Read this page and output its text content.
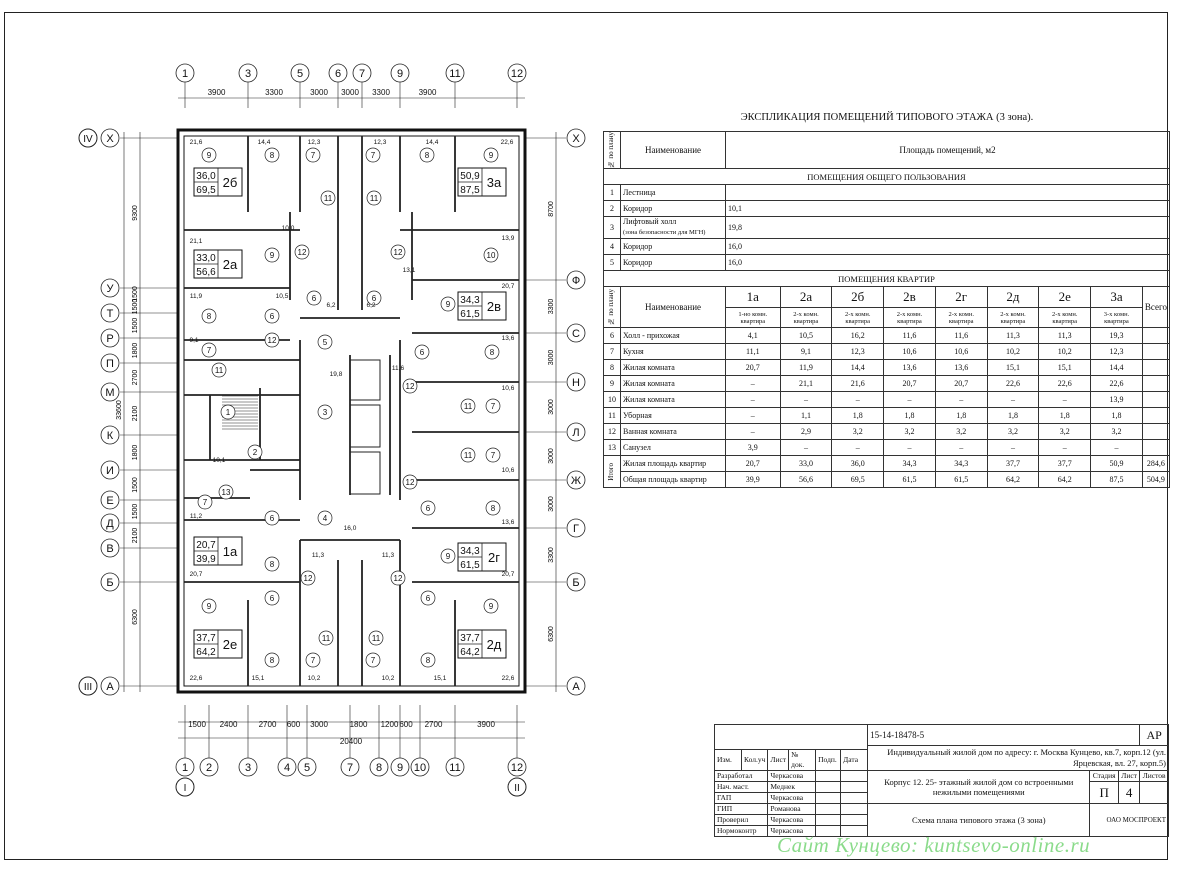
1	3	5	6 7	9	11	12
3900	3300	3000 3000 3300	3900
1 2	3	4 5	7 8 9 10 11	12
1500 2400	2700 600 3000	1800 1200 600 2700	3900
20400
Х
У
Т
Р
П
М
К
И
Е
Д
В
Б
А
9300
1500
1500
1500
1800
2700
2100
1800
1500
1500
2100
6300
33600
IV
III
I	II
Х
Ф
С
Н
Л
Ж
Г
Б
А
8700
3300
3000
3000
3000
3000
3300
6300
36,0
69,5
2б	50,9
87,5
3а
33,0
56,6
2а
34,3
61,5
2в
20,7
39,9
1а	34,3
61,5
2г
37,7
64,2
2е	37,7
64,2
2д
9	8	7	7	8	9
11	11
9	10
12	12
6	6
8	6
9
7
12	5
6	8
11
1	3
12
11 7
2	11 7
13
7
12
6	8
4
6
8
9
12	12
9
6	6
9
11	11
8	7	7	8
21,6	14,4	12,3	12,3	14,4	22,6
21,1	13,9
11,9
20,7
9,1
10,5
19,8
11,6
10,6
10,1
11,2
13,6
10,6
16,0
11,3	11,3
20,7	20,7
22,6	15,1	10,2	10,2	15,1	22,6
6,2	6,2
10,0
13,1
13,6
ЭКСПЛИКАЦИЯ ПОМЕЩЕНИЙ ТИПОВОГО ЭТАЖА (3 зона).
№ по плану	Наименование	Площадь помещений, м2								
ПОМЕЩЕНИЯ ОБЩЕГО ПОЛЬЗОВАНИЯ										
1	Лестница									
2	Коридор	10,1								
3	Лифтовый холл
(зона безопасности для МГН)	19,8								
4	Коридор	16,0								
5	Коридор	16,0								
ПОМЕЩЕНИЯ КВАРТИР										

№ по плану	Наименование	1а	2а	2б	2в	2г	2д	2е	3а	Всего
		1-но комн. квартира	2-х комн. квартира	2-х комн. квартира	2-х комн. квартира	2-х комн. квартира	2-х комн. квартира	2-х комн. квартира	3-х комн. квартира	
6	Холл - прихожая	4,1	10,5	16,2	11,6	11,6	11,3	11,3	19,3	
7	Кухня	11,1	9,1	12,3	10,6	10,6	10,2	10,2	12,3	
8	Жилая комната	20,7	11,9	14,4	13,6	13,6	15,1	15,1	14,4	
9	Жилая комната	–	21,1	21,6	20,7	20,7	22,6	22,6	22,6	
10	Жилая комната	–	–	–	–	–	–	–	13,9	
11	Уборная	–	1,1	1,8	1,8	1,8	1,8	1,8	1,8	
12	Ванная комната	–	2,9	3,2	3,2	3,2	3,2	3,2	3,2	
13	Санузел	3,9	–	–	–	–	–	–	–	

Итого	Жилая площадь квартир	20,7	33,0	36,0	34,3	34,3	37,7	37,7	50,9	284,6
	Общая площадь квартир	39,9	56,6	69,5	61,5	61,5	64,2	64,2	87,5	504,9
						15-14-18478-5			АР
						Индивидуальный жилой дом по адресу: г. Москва Кунцево, кв.7, корп.12 (ул. Ярцевская, вл. 27, корп.5)			
Изм.	Кол.уч	Лист	№ док.	Подп.	Дата				
Разработал		Черкасова				Корпус 12. 25- этажный жилой дом со встроенными нежилыми помещениями	Стадия	Лист	Листов
Нач. маст.		Меднек					П	4	
ГАП		Черкасова							
ГИП		Романова				Схема плана типового этажа (3 зона)	ОАО МОСПРОЕКТ		
Проверил		Черкасова							
Нормоконтр		Черкасова							
Сайт Кунцево: kuntsevo-online.ru
